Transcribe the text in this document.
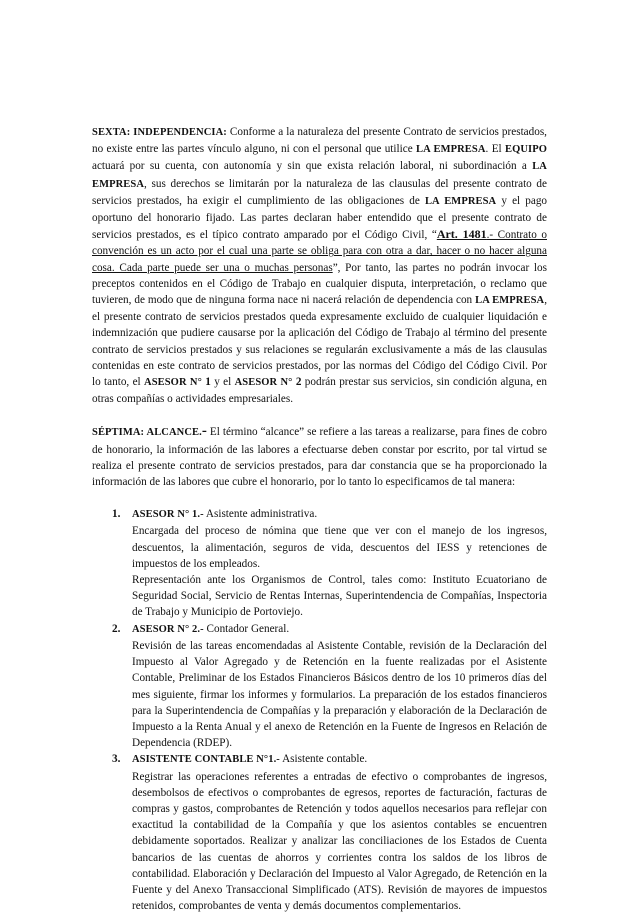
SEXTA: INDEPENDENCIA: Conforme a la naturaleza del presente Contrato de servicios prestados, no existe entre las partes vínculo alguno, ni con el personal que utilice LA EMPRESA. El EQUIPO actuará por su cuenta, con autonomía y sin que exista relación laboral, ni subordinación a LA EMPRESA, sus derechos se limitarán por la naturaleza de las clausulas del presente contrato de servicios prestados, ha exigir el cumplimiento de las obligaciones de LA EMPRESA y el pago oportuno del honorario fijado. Las partes declaran haber entendido que el presente contrato de servicios prestados, es el típico contrato amparado por el Código Civil, “Art. 1481.- Contrato o convención es un acto por el cual una parte se obliga para con otra a dar, hacer o no hacer alguna cosa. Cada parte puede ser una o muchas personas”, Por tanto, las partes no podrán invocar los preceptos contenidos en el Código de Trabajo en cualquier disputa, interpretación, o reclamo que tuvieren, de modo que de ninguna forma nace ni nacerá relación de dependencia con LA EMPRESA, el presente contrato de servicios prestados queda expresamente excluido de cualquier liquidación e indemnización que pudiere causarse por la aplicación del Código de Trabajo al término del presente contrato de servicios prestados y sus relaciones se regularán exclusivamente a más de las clausulas contenidas en este contrato de servicios prestados, por las normas del Código del Código Civil. Por lo tanto, el ASESOR N° 1 y el ASESOR N° 2 podrán prestar sus servicios, sin condición alguna, en otras compañías o actividades empresariales.

SÉPTIMA: ALCANCE.- El término “alcance” se refiere a las tareas a realizarse, para fines de cobro de honorario, la información de las labores a efectuarse deben constar por escrito, por tal virtud se realiza el presente contrato de servicios prestados, para dar constancia que se ha proporcionado la información de las labores que cubre el honorario, por lo tanto lo especificamos de tal manera:

1. ASESOR N° 1.- Asistente administrativa.
Encargada del proceso de nómina que tiene que ver con el manejo de los ingresos, descuentos, la alimentación, seguros de vida, descuentos del IESS y retenciones de impuestos de los empleados.
Representación ante los Organismos de Control, tales como: Instituto Ecuatoriano de Seguridad Social, Servicio de Rentas Internas, Superintendencia de Compañías, Inspectoria de Trabajo y Municipio de Portoviejo.
2. ASESOR N° 2.- Contador General.
Revisión de las tareas encomendadas al Asistente Contable, revisión de la Declaración del Impuesto al Valor Agregado y de Retención en la fuente realizadas por el Asistente Contable, Preliminar de los Estados Financieros Básicos dentro de los 10 primeros días del mes siguiente, firmar los informes y formularios. La preparación de los estados financieros para la Superintendencia de Compañías y la preparación y elaboración de la Declaración de Impuesto a la Renta Anual y el anexo de Retención en la Fuente de Ingresos en Relación de Dependencia (RDEP).
3. ASISTENTE CONTABLE N°1.- Asistente contable.
Registrar las operaciones referentes a entradas de efectivo o comprobantes de ingresos, desembolsos de efectivos o comprobantes de egresos, reportes de facturación, facturas de compras y gastos, comprobantes de Retención y todos aquellos necesarios para reflejar con exactitud la contabilidad de la Compañía y que los asientos contables se encuentren debidamente soportados. Realizar y analizar las conciliaciones de los Estados de Cuenta bancarios de las cuentas de ahorros y corrientes contra los saldos de los libros de contabilidad. Elaboración y Declaración del Impuesto al Valor Agregado, de Retención en la Fuente y del Anexo Transaccional Simplificado (ATS). Revisión de mayores de impuestos retenidos, comprobantes de venta y demás documentos complementarios.
